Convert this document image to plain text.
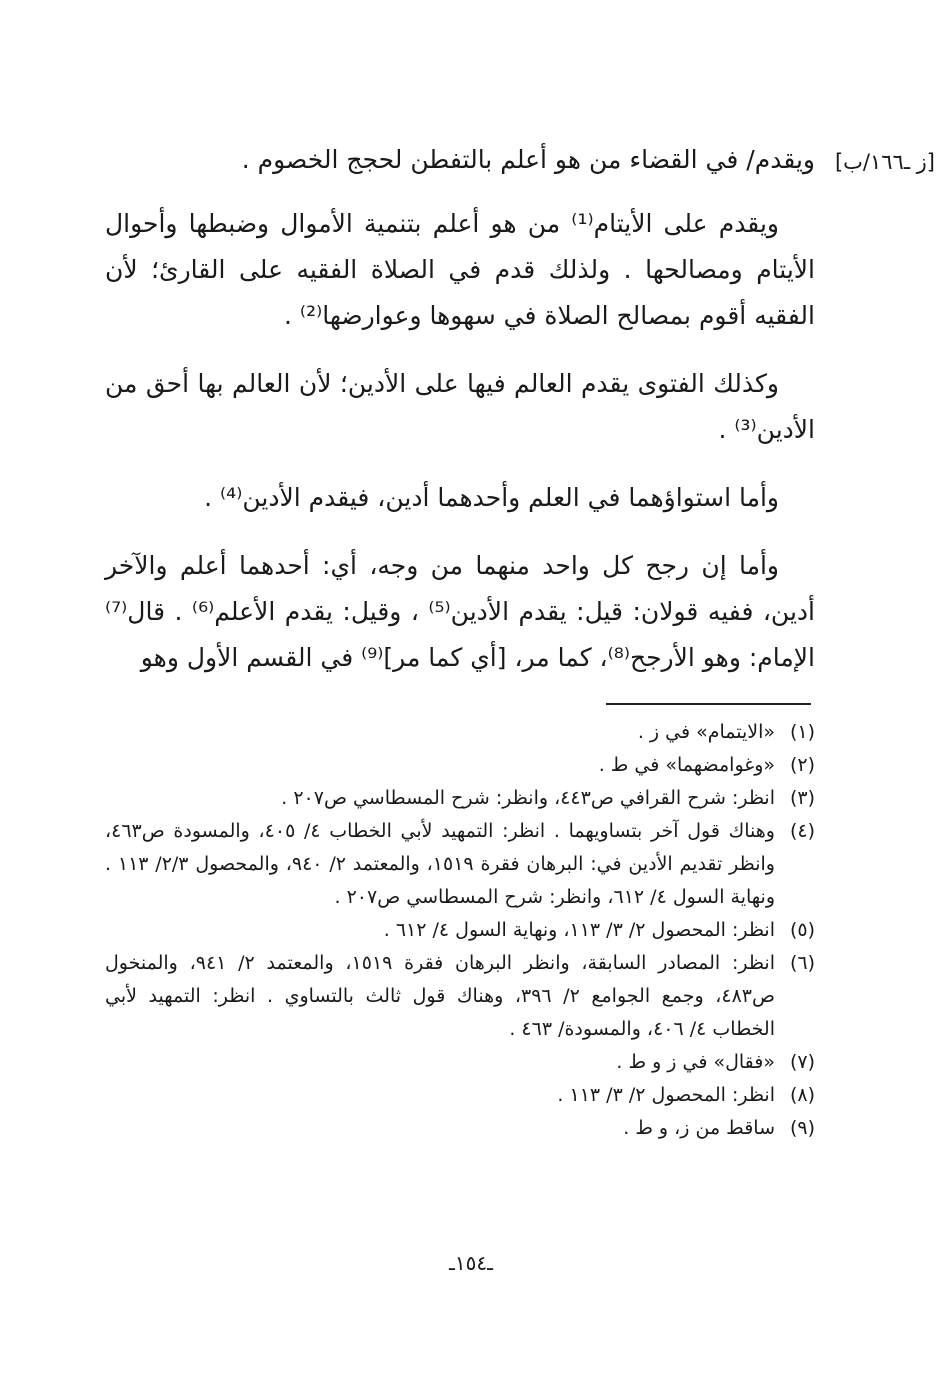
[ز ـ١٦٦/ب]

ويقدم/ في القضاء من هو أعلم بالتفطن لحجج الخصوم .

ويقدم على الأيتام⁽¹⁾ من هو أعلم بتنمية الأموال وضبطها وأحوال الأيتام ومصالحها . ولذلك قدم في الصلاة الفقيه على القارئ؛ لأن الفقيه أقوم بمصالح الصلاة في سهوها وعوارضها⁽²⁾ .

وكذلك الفتوى يقدم العالم فيها على الأدين؛ لأن العالم بها أحق من الأدين⁽³⁾ .

وأما استواؤهما في العلم وأحدهما أدين، فيقدم الأدين⁽⁴⁾ .

وأما إن رجح كل واحد منهما من وجه، أي: أحدهما أعلم والآخر أدين، ففيه قولان: قيل: يقدم الأدين⁽⁵⁾ ، وقيل: يقدم الأعلم⁽⁶⁾ . قال⁽⁷⁾ الإمام: وهو الأرجح⁽⁸⁾، كما مر، [أي كما مر]⁽⁹⁾ في القسم الأول وهو

(١)
«الايتمام» في ز .
(٢)
«وغوامضهما» في ط .
(٣)
انظر: شرح القرافي ص٤٤٣، وانظر: شرح المسطاسي ص٢٠٧ .
(٤)
وهناك قول آخر بتساويهما . انظر: التمهيد لأبي الخطاب ٤/ ٤٠٥، والمسودة ص٤٦٣، وانظر تقديم الأدين في: البرهان فقرة ١٥١٩، والمعتمد ٢/ ٩٤٠، والمحصول ٢/٣/ ١١٣ . ونهاية السول ٤/ ٦١٢، وانظر: شرح المسطاسي ص٢٠٧ .
(٥)
انظر: المحصول ٢/ ٣/ ١١٣، ونهاية السول ٤/ ٦١٢ .
(٦)
انظر: المصادر السابقة، وانظر البرهان فقرة ١٥١٩، والمعتمد ٢/ ٩٤١، والمنخول ص٤٨٣، وجمع الجوامع ٢/ ٣٩٦، وهناك قول ثالث بالتساوي . انظر: التمهيد لأبي الخطاب ٤/ ٤٠٦، والمسودة/ ٤٦٣ .
(٧)
«فقال» في ز و ط .
(٨)
انظر: المحصول ٢/ ٣/ ١١٣ .
(٩)
ساقط من ز، و ط .
ـ١٥٤ـ
